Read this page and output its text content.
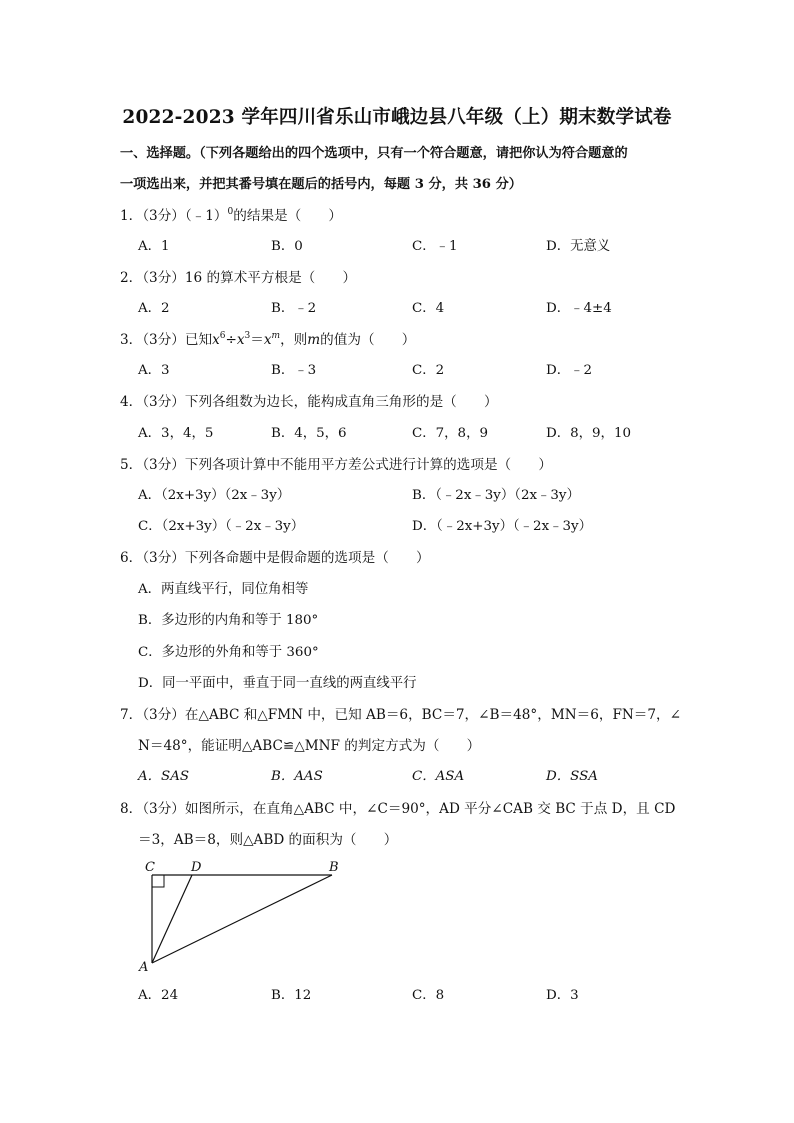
2022-2023 学年四川省乐山市峨边县八年级（上）期末数学试卷
一、选择题。（下列各题给出的四个选项中，只有一个符合题意，请把你认为符合题意的
一项选出来，并把其番号填在题后的括号内，每题 3 分，共 36 分）
1．（3分）（﹣1）$^0$的结果是（　　）
A．1	B．0	C．﹣1	D．无意义
2．（3分）16 的算术平方根是（　　）
A．2	B．﹣2	C．4	D．﹣4±4
3．（3分）已知$x^6\div x^3=x^m$，则m的值为（　　）
A．3	B．﹣3	C．2	D．﹣2
4．（3分）下列各组数为边长，能构成直角三角形的是（　　）
A．3，4，5	B．4，5，6	C．7，8，9	D．8，9，10
5．（3分）下列各项计算中不能用平方差公式进行计算的选项是（　　）
A．（2x+3y）（2x﹣3y）	B．（﹣2x﹣3y）（2x﹣3y）
C．（2x+3y）（﹣2x﹣3y）	D．（﹣2x+3y）（﹣2x﹣3y）
6．（3分）下列各命题中是假命题的选项是（　　）
A．两直线平行，同位角相等
B．多边形的内角和等于 180°
C．多边形的外角和等于 360°
D．同一平面中，垂直于同一直线的两直线平行
7．（3分）在△ABC 和△FMN 中，已知 AB＝6，BC＝7，∠B＝48°，MN＝6，FN＝7，∠
N＝48°，能证明△ABC≌△MNF 的判定方式为（　　）
A．SAS	B．AAS	C．ASA	D．SSA
8．（3分）如图所示，在直角△ABC 中，∠C＝90°，AD 平分∠CAB 交 BC 于点 D，且 CD
＝3，AB＝8，则△ABD 的面积为（　　）
C	D	B
A
A．24	B．12	C．8	D．3
